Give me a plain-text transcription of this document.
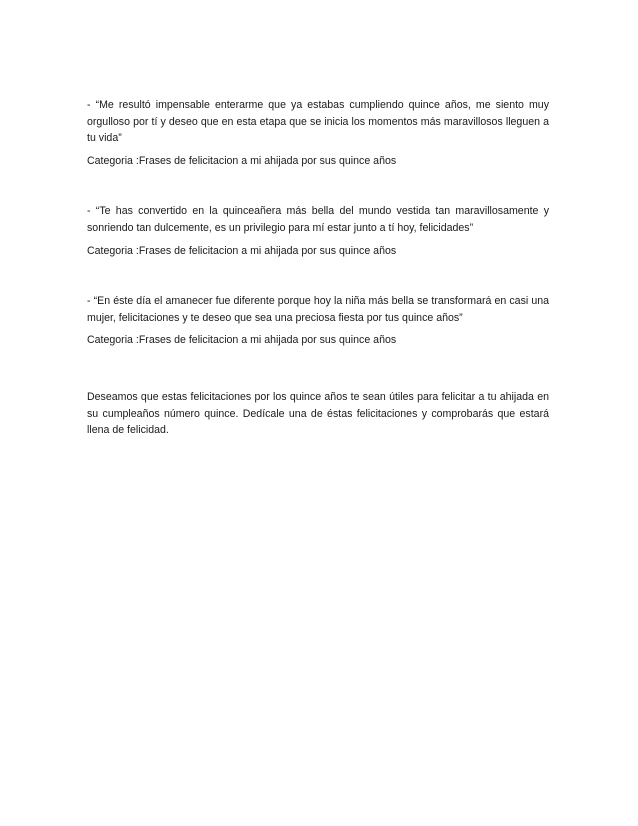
- “Me resultó impensable enterarme que ya estabas cumpliendo quince años, me siento muy orgulloso por tí y deseo que en esta etapa que se inicia los momentos más maravillosos lleguen a tu vida”

Categoria :Frases de felicitacion a mi ahijada por sus quince años

- “Te has convertido en la quinceañera más bella del mundo vestida tan maravillosamente y sonriendo tan dulcemente, es un privilegio para mí estar junto a tí hoy, felicidades”

Categoria :Frases de felicitacion a mi ahijada por sus quince años

- “En éste día el amanecer fue diferente porque hoy la niña más bella se transformará en casi una mujer, felicitaciones y te deseo que sea una preciosa fiesta por tus quince años”

Categoria :Frases de felicitacion a mi ahijada por sus quince años

Deseamos que estas felicitaciones por los quince años te sean útiles para felicitar a tu ahijada en su cumpleaños número quince. Dedícale una de éstas felicitaciones y comprobarás que estará llena de felicidad.
